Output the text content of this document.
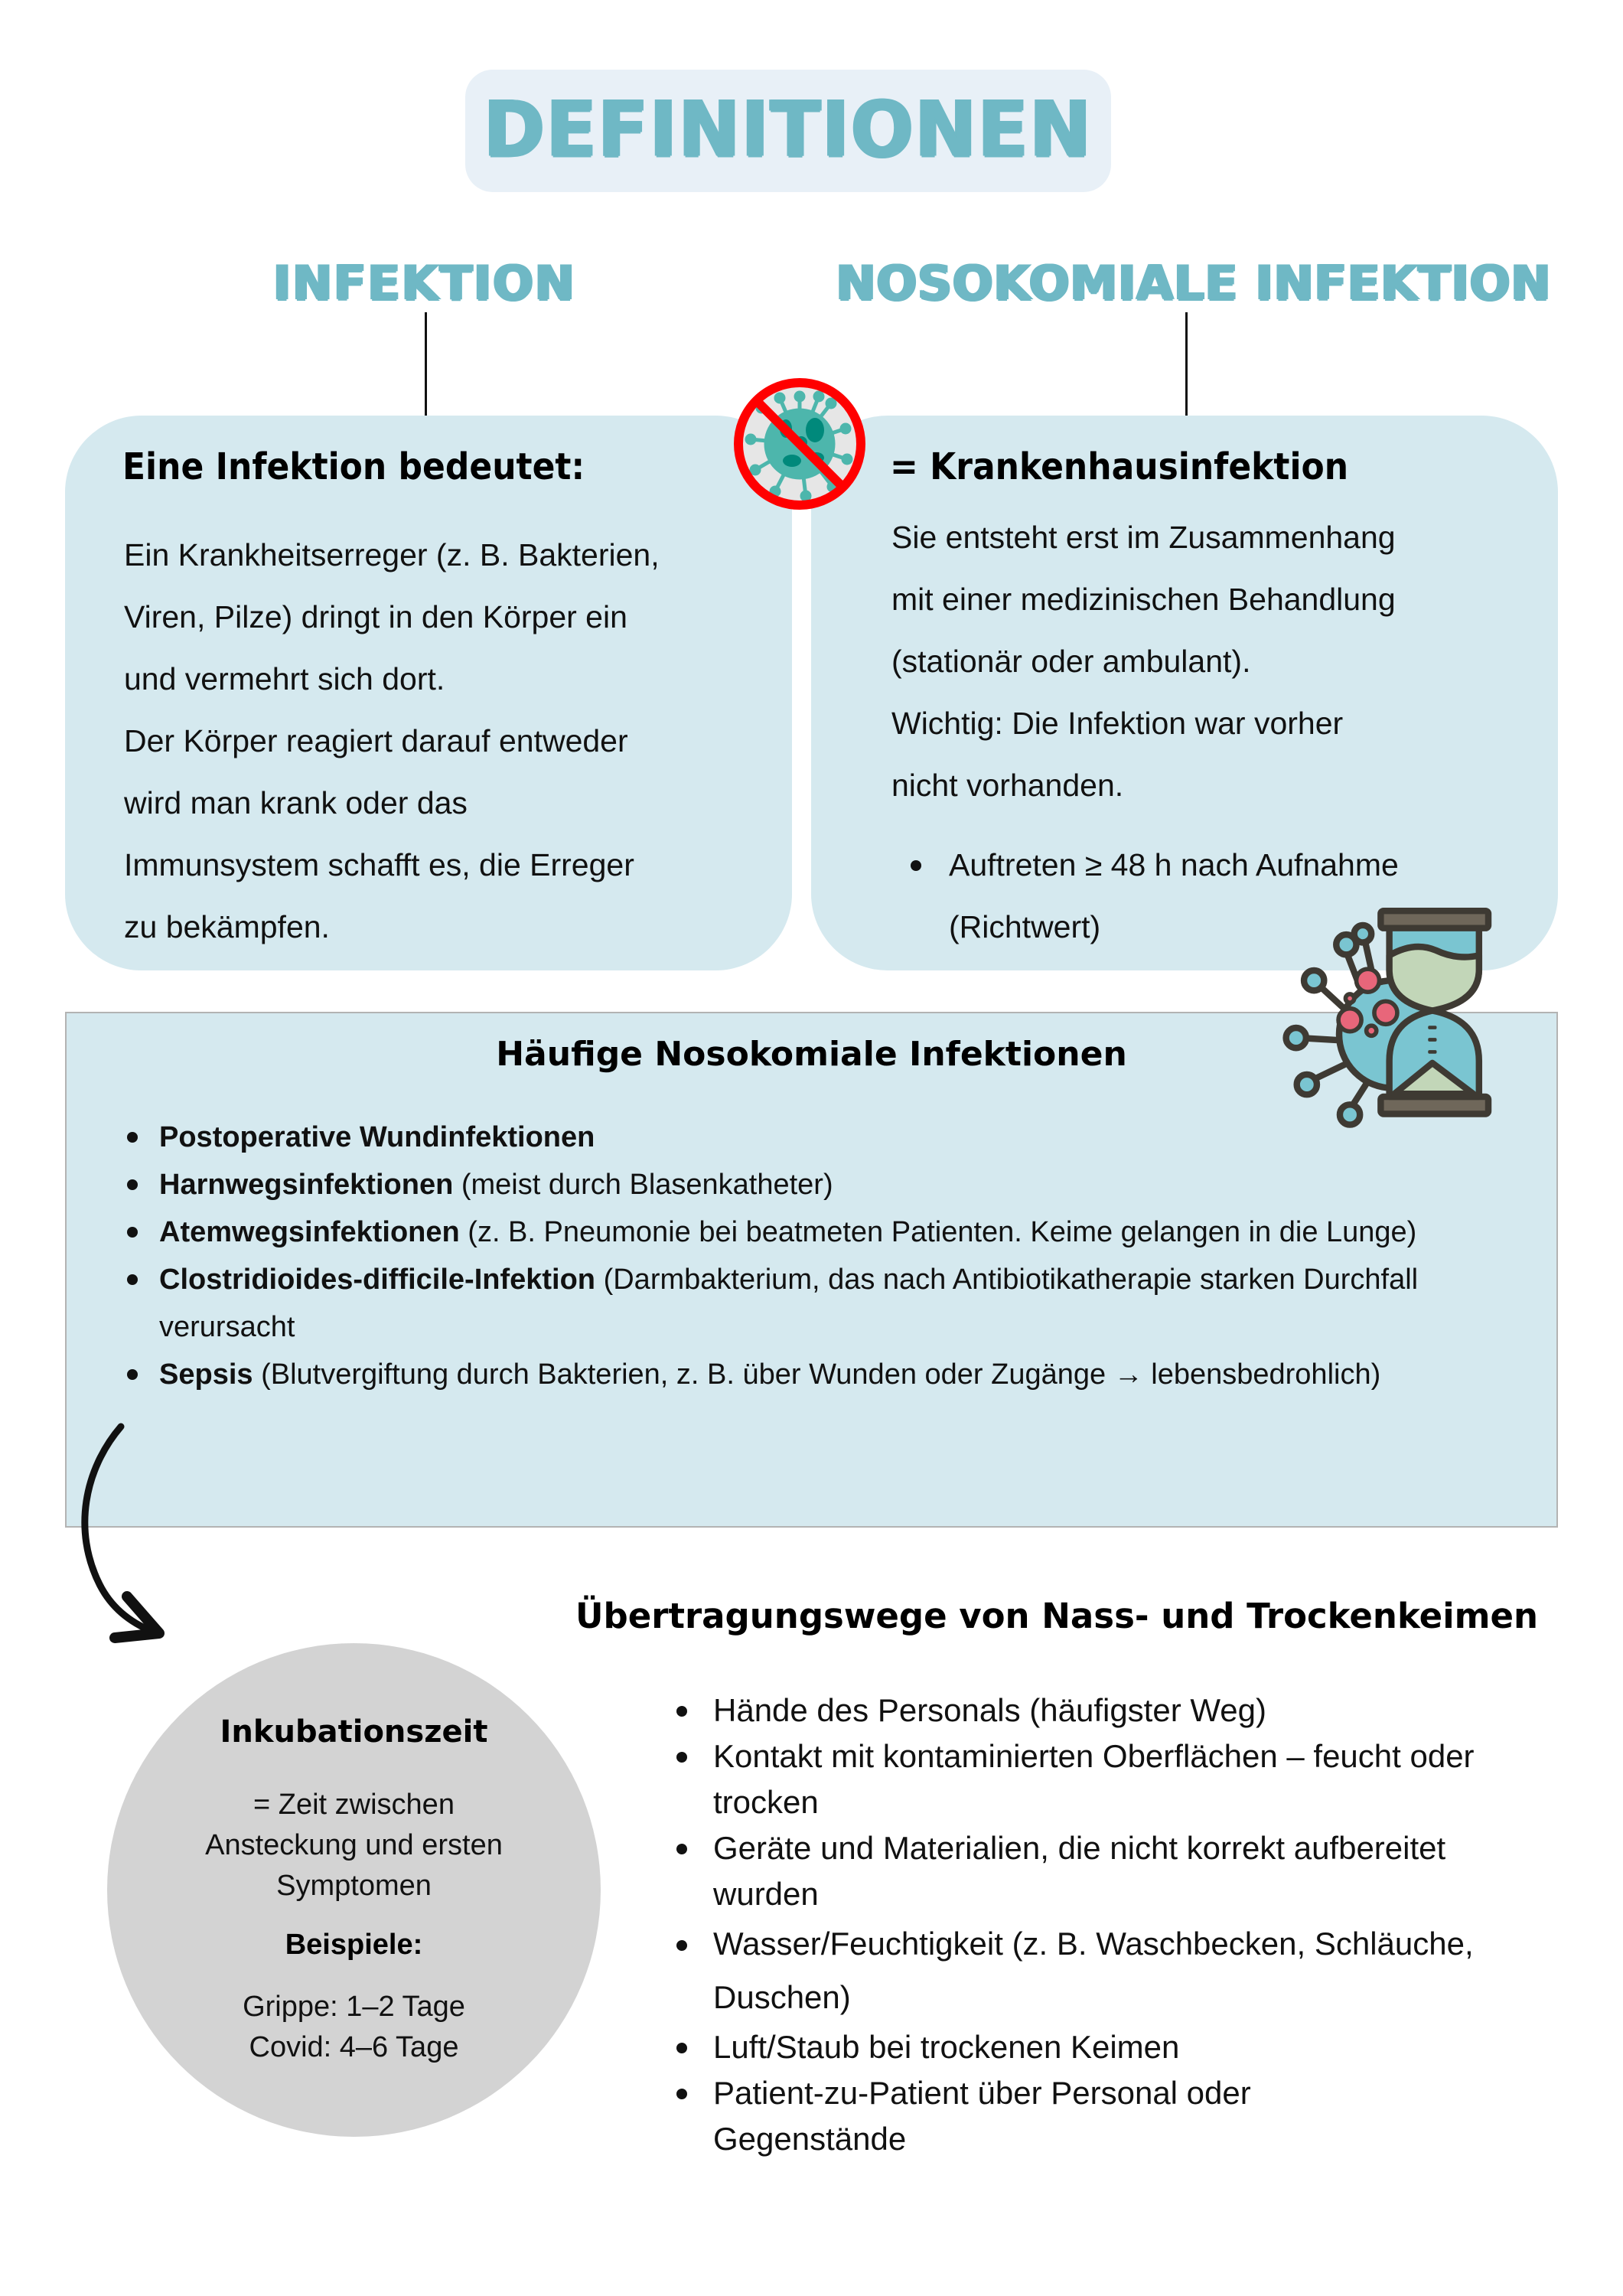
DEFINITIONEN
INFEKTION	NOSOKOMIALE INFEKTION
Eine Infektion bedeutet:
Ein Krankheitserreger (z. B. Bakterien,
Viren, Pilze) dringt in den Körper ein
und vermehrt sich dort.
Der Körper reagiert darauf entweder
wird man krank oder das
Immunsystem schafft es, die Erreger
zu bekämpfen.
= Krankenhausinfektion
Sie entsteht erst im Zusammenhang
mit einer medizinischen Behandlung
(stationär oder ambulant).
Wichtig: Die Infektion war vorher
nicht vorhanden.
Auftreten ≥ 48 h nach Aufnahme
(Richtwert)
Häufige Nosokomiale Infektionen
Postoperative Wundinfektionen
Harnwegsinfektionen (meist durch Blasenkatheter)
Atemwegsinfektionen (z. B. Pneumonie bei beatmeten Patienten. Keime gelangen in die Lunge)
Clostridioides-difficile-Infektion (Darmbakterium, das nach Antibiotikatherapie starken Durchfall verursacht
Sepsis (Blutvergiftung durch Bakterien, z. B. über Wunden oder Zugänge → lebensbedrohlich)
Inkubationszeit
= Zeit zwischen
Ansteckung und ersten
Symptomen
Beispiele:
Grippe: 1–2 Tage
Covid: 4–6 Tage
Übertragungswege von Nass- und Trockenkeimen
Hände des Personals (häufigster Weg)
Kontakt mit kontaminierten Oberflächen – feucht oder trocken
Geräte und Materialien, die nicht korrekt aufbereitet wurden
Wasser/Feuchtigkeit (z. B. Waschbecken, Schläuche, Duschen)
Luft/Staub bei trockenen Keimen
Patient-zu-Patient über Personal oder Gegenstände
